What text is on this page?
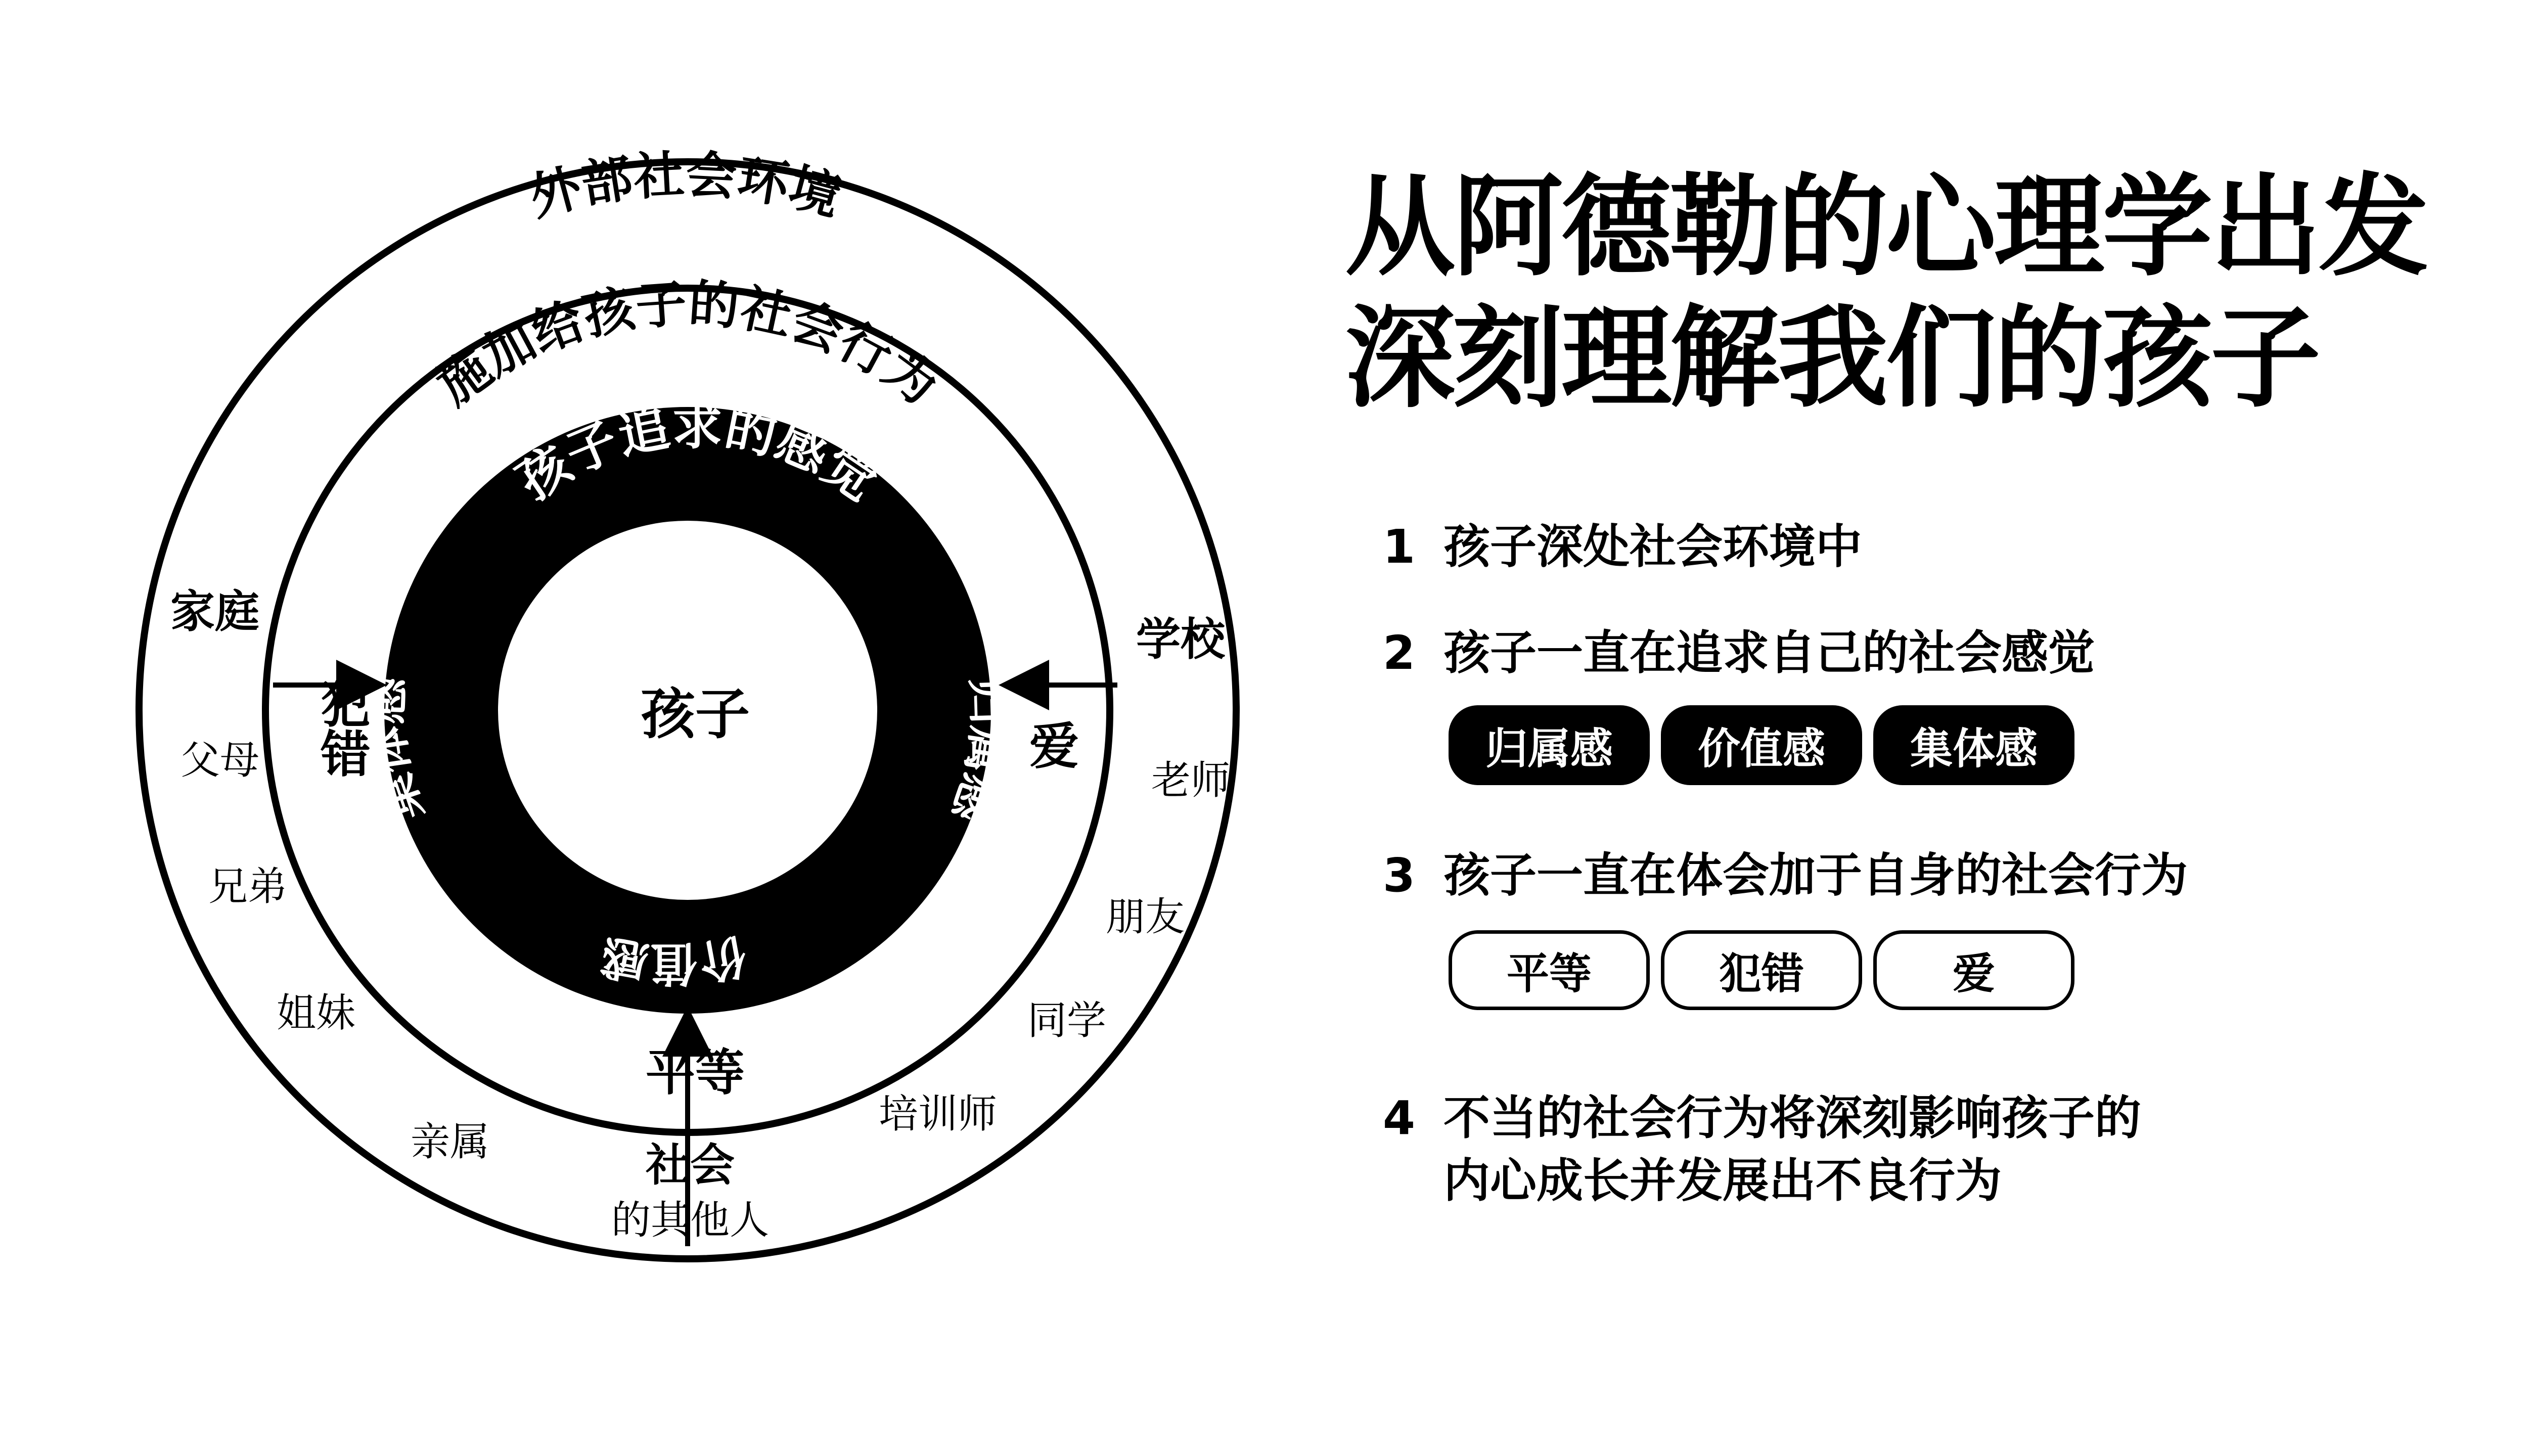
外部社会环境
施加给孩子的社会行为
孩子追求的感觉
集体感	归属感
价值感
孩子
犯错	爱
平等
家庭
父母
兄弟
姐妹
亲属
学校
老师
朋友
同学
培训师
社会
的其他人
从阿德勒的心理学出发
深刻理解我们的孩子
1 孩子深处社会环境中
2 孩子一直在追求自己的社会感觉
归属感	价值感	集体感
3 孩子一直在体会加于自身的社会行为
平等	犯错	爱
4 不当的社会行为将深刻影响孩子的
内心成长并发展出不良行为
